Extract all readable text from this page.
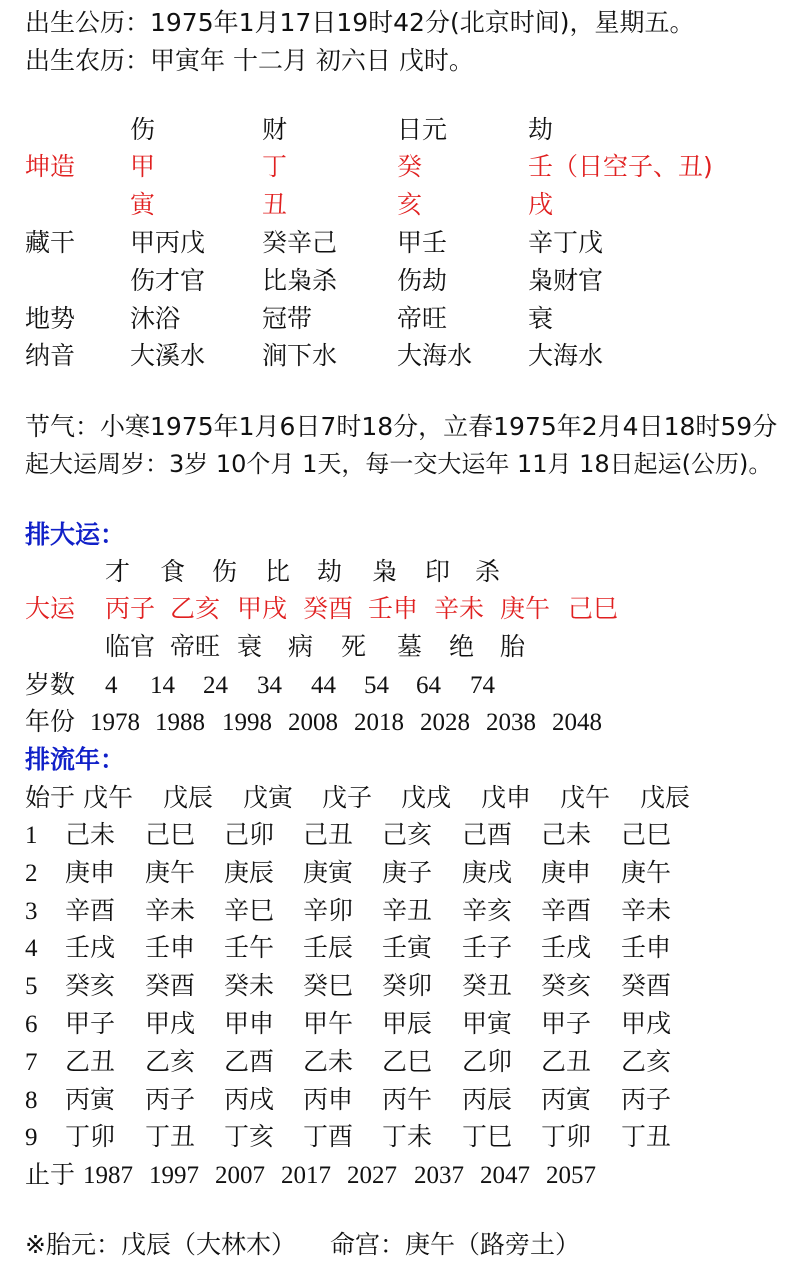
出生公历：1975年1月17日19时42分(北京时间)，星期五。
出生农历：甲寅年 十二月 初六日 戊时。
伤	财	日元	劫
坤造 甲	丁	癸	壬（日空子、丑)
寅	丑	亥	戌
藏干 甲丙戊 癸辛己 甲壬	辛丁戊
伤才官 比枭杀 伤劫	枭财官
地势 沐浴	冠带	帝旺	衰
纳音 大溪水 涧下水 大海水 大海水
节气：小寒1975年1月6日7时18分，立春1975年2月4日18时59分
起大运周岁：3岁 10个月 1天，每一交大运年 11月 18日起运(公历)。
排大运：
才 食 伤 比 劫 枭 印 杀
大运 丙子 乙亥 甲戌 癸酉 壬申 辛未 庚午 己巳
临官 帝旺 衰 病 死 墓 绝 胎
岁数 4 14 24 34 44 54 64 74
年份 1978 1988 1998 2008 2018 2028 2038 2048
排流年：
始于 戊午 戊辰 戊寅 戊子 戊戌 戊申 戊午 戊辰
1 己未 己巳 己卯 己丑 己亥 己酉 己未 己巳
2 庚申 庚午 庚辰 庚寅 庚子 庚戌 庚申 庚午
3 辛酉 辛未 辛巳 辛卯 辛丑 辛亥 辛酉 辛未
4 壬戌 壬申 壬午 壬辰 壬寅 壬子 壬戌 壬申
5 癸亥 癸酉 癸未 癸巳 癸卯 癸丑 癸亥 癸酉
6 甲子 甲戌 甲申 甲午 甲辰 甲寅 甲子 甲戌
7 乙丑 乙亥 乙酉 乙未 乙巳 乙卯 乙丑 乙亥
8 丙寅 丙子 丙戌 丙申 丙午 丙辰 丙寅 丙子
9 丁卯 丁丑 丁亥 丁酉 丁未 丁巳 丁卯 丁丑
止于 1987 1997 2007 2017 2027 2037 2047 2057
※胎元：戊辰（大林木） 命宫：庚午（路旁土）
